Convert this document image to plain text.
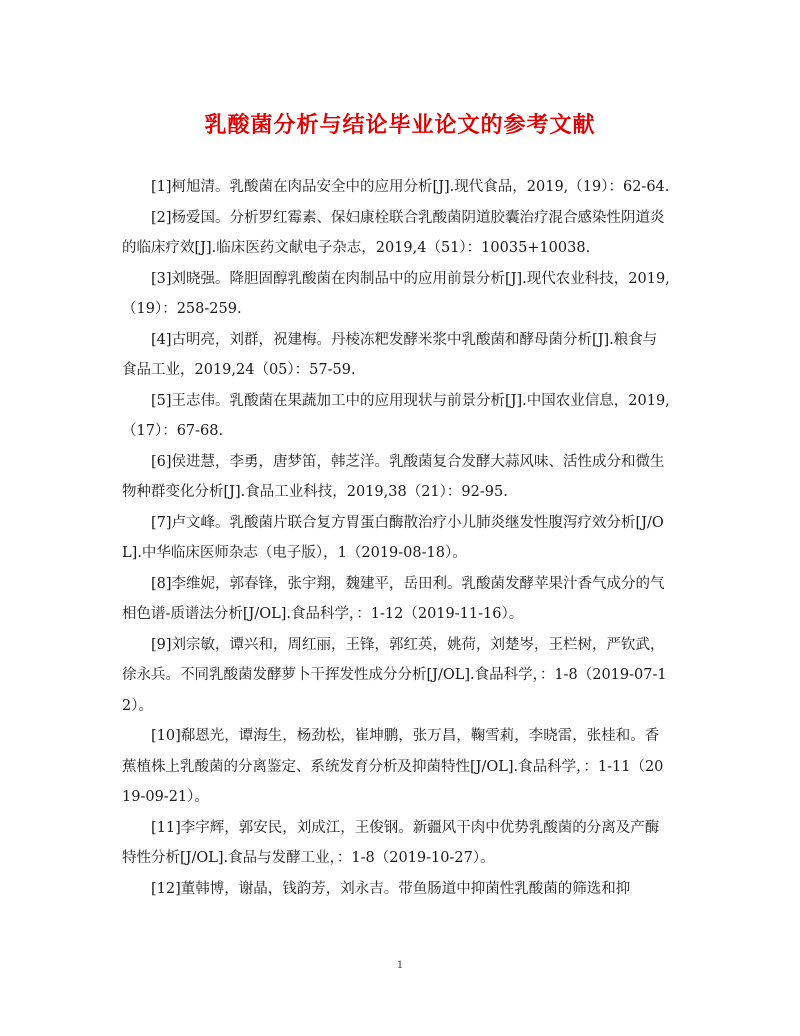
乳酸菌分析与结论毕业论文的参考文献

[1]柯旭清。乳酸菌在肉品安全中的应用分析[J].现代食品，2019,（19）：62-64.

[2]杨爱国。分析罗红霉素、保妇康栓联合乳酸菌阴道胶囊治疗混合感染性阴道炎的临床疗效[J].临床医药文献电子杂志，2019,4（51）：10035+10038.

[3]刘晓强。降胆固醇乳酸菌在肉制品中的应用前景分析[J].现代农业科技，2019,（19）：258-259.

[4]古明亮，刘群，祝建梅。丹棱冻粑发酵米浆中乳酸菌和酵母菌分析[J].粮食与食品工业，2019,24（05）：57-59.

[5]王志伟。乳酸菌在果蔬加工中的应用现状与前景分析[J].中国农业信息，2019,（17）：67-68.

[6]侯进慧，李勇，唐梦笛，韩芝洋。乳酸菌复合发酵大蒜风味、活性成分和微生物种群变化分析[J].食品工业科技，2019,38（21）：92-95.

[7]卢文峰。乳酸菌片联合复方胃蛋白酶散治疗小儿肺炎继发性腹泻疗效分析[J/OL].中华临床医师杂志（电子版），1（2019-08-18）。

[8]李维妮，郭春锋，张宇翔，魏建平，岳田利。乳酸菌发酵苹果汁香气成分的气相色谱-质谱法分析[J/OL].食品科学，：1-12（2019-11-16）。

[9]刘宗敏，谭兴和，周红丽，王锋，郭红英，姚荷，刘楚岑，王栏树，严钦武，徐永兵。不同乳酸菌发酵萝卜干挥发性成分分析[J/OL].食品科学，：1-8（2019-07-12）。

[10]郗恩光，谭海生，杨劲松，崔坤鹏，张万昌，鞠雪莉，李晓雷，张桂和。香蕉植株上乳酸菌的分离鉴定、系统发育分析及抑菌特性[J/OL].食品科学，：1-11（2019-09-21）。

[11]李宇辉，郭安民，刘成江，王俊钢。新疆风干肉中优势乳酸菌的分离及产酶特性分析[J/OL].食品与发酵工业，：1-8（2019-10-27）。

[12]董韩博，谢晶，钱韵芳，刘永吉。带鱼肠道中抑菌性乳酸菌的筛选和抑

1
